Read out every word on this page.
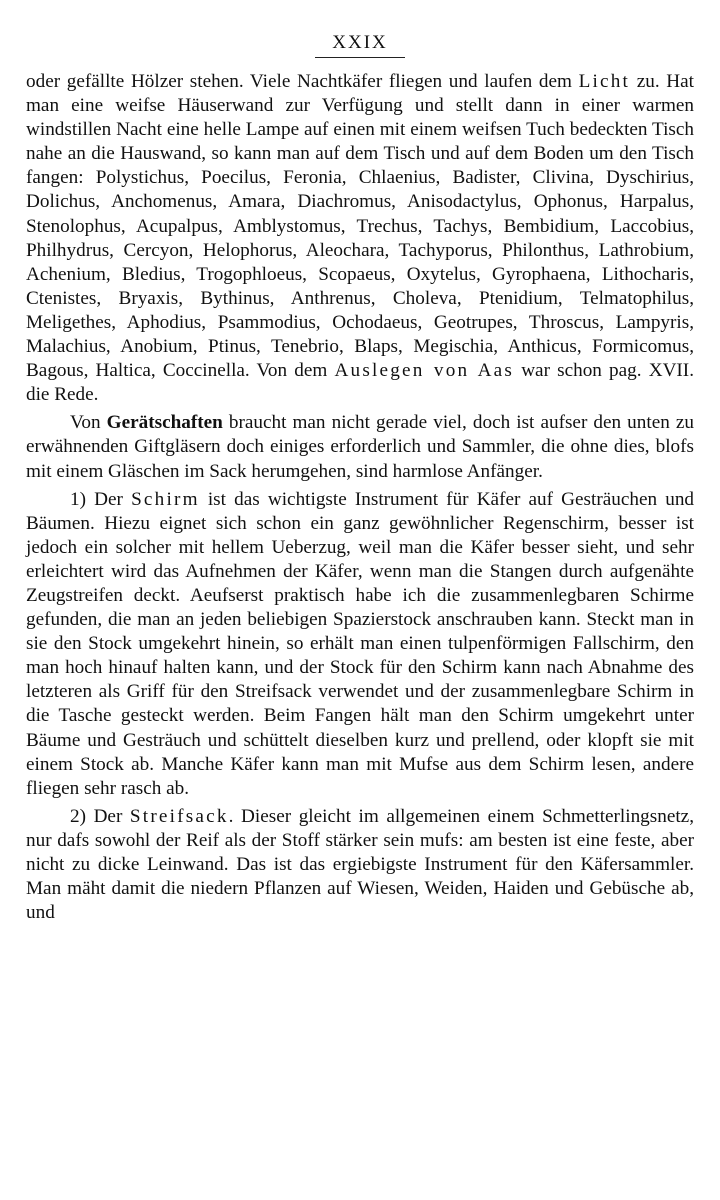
XXIX

oder gefällte Hölzer stehen. Viele Nachtkäfer fliegen und laufen dem Licht zu. Hat man eine weifse Häuserwand zur Verfügung und stellt dann in einer warmen windstillen Nacht eine helle Lampe auf einen mit einem weifsen Tuch bedeckten Tisch nahe an die Hauswand, so kann man auf dem Tisch und auf dem Boden um den Tisch fangen: Polystichus, Poecilus, Feronia, Chlaenius, Badister, Clivina, Dyschirius, Dolichus, Anchomenus, Amara, Diachromus, Anisodactylus, Ophonus, Harpalus, Stenolophus, Acupalpus, Amblystomus, Trechus, Tachys, Bembidium, Laccobius, Philhydrus, Cercyon, Helophorus, Aleochara, Tachyporus, Philonthus, Lathrobium, Achenium, Bledius, Trogophloeus, Scopaeus, Oxytelus, Gyrophaena, Lithocharis, Ctenistes, Bryaxis, Bythinus, Anthrenus, Choleva, Ptenidium, Telmatophilus, Meligethes, Aphodius, Psammodius, Ochodaeus, Geotrupes, Throscus, Lampyris, Malachius, Anobium, Ptinus, Tenebrio, Blaps, Megischia, Anthicus, Formicomus, Bagous, Haltica, Coccinella. Von dem Auslegen von Aas war schon pag. XVII. die Rede.

Von Gerätschaften braucht man nicht gerade viel, doch ist aufser den unten zu erwähnenden Giftgläsern doch einiges erforderlich und Sammler, die ohne dies, blofs mit einem Gläschen im Sack herumgehen, sind harmlose Anfänger.

1) Der Schirm ist das wichtigste Instrument für Käfer auf Gesträuchen und Bäumen. Hiezu eignet sich schon ein ganz gewöhnlicher Regenschirm, besser ist jedoch ein solcher mit hellem Ueberzug, weil man die Käfer besser sieht, und sehr erleichtert wird das Aufnehmen der Käfer, wenn man die Stangen durch aufgenähte Zeugstreifen deckt. Aeufserst praktisch habe ich die zusammenlegbaren Schirme gefunden, die man an jeden beliebigen Spazierstock anschrauben kann. Steckt man in sie den Stock umgekehrt hinein, so erhält man einen tulpenförmigen Fallschirm, den man hoch hinauf halten kann, und der Stock für den Schirm kann nach Abnahme des letzteren als Griff für den Streifsack verwendet und der zusammenlegbare Schirm in die Tasche gesteckt werden. Beim Fangen hält man den Schirm umgekehrt unter Bäume und Gesträuch und schüttelt dieselben kurz und prellend, oder klopft sie mit einem Stock ab. Manche Käfer kann man mit Mufse aus dem Schirm lesen, andere fliegen sehr rasch ab.

2) Der Streifsack. Dieser gleicht im allgemeinen einem Schmetterlingsnetz, nur dafs sowohl der Reif als der Stoff stärker sein mufs: am besten ist eine feste, aber nicht zu dicke Leinwand. Das ist das ergiebigste Instrument für den Käfersammler. Man mäht damit die niedern Pflanzen auf Wiesen, Weiden, Haiden und Gebüsche ab, und
